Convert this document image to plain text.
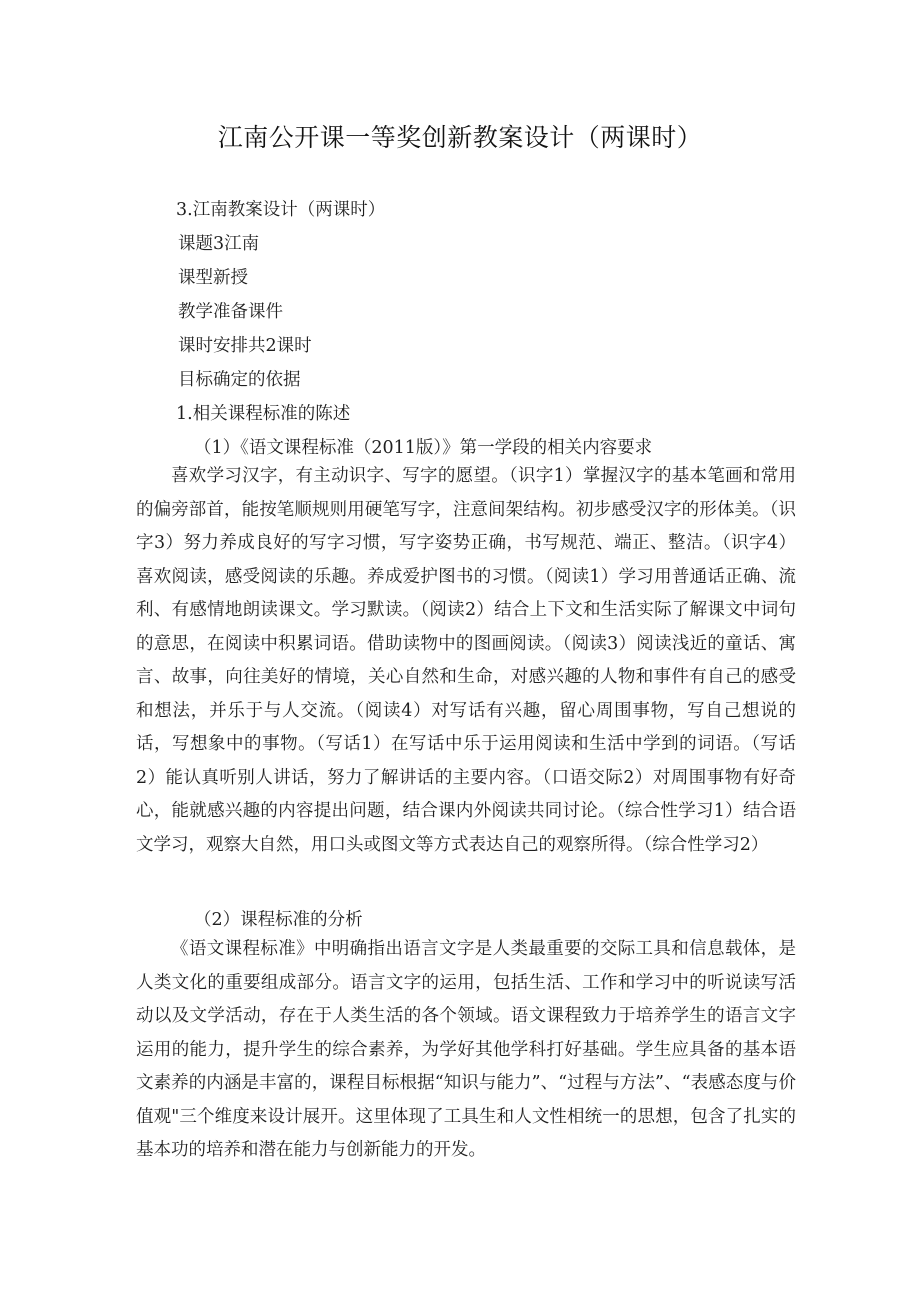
江南公开课一等奖创新教案设计（两课时）
3.江南教案设计（两课时）
课题3江南
课型新授
教学准备课件
课时安排共2课时
目标确定的依据
1.相关课程标准的陈述
（1）《语文课程标准（2011版）》第一学段的相关内容要求

喜欢学习汉字，有主动识字、写字的愿望。（识字1）掌握汉字的基本笔画和常用的偏旁部首，能按笔顺规则用硬笔写字，注意间架结构。初步感受汉字的形体美。（识字3）努力养成良好的写字习惯，写字姿势正确，书写规范、端正、整洁。（识字4）喜欢阅读，感受阅读的乐趣。养成爱护图书的习惯。（阅读1）学习用普通话正确、流利、有感情地朗读课文。学习默读。（阅读2）结合上下文和生活实际了解课文中词句的意思，在阅读中积累词语。借助读物中的图画阅读。（阅读3）阅读浅近的童话、寓言、故事，向往美好的情境，关心自然和生命，对感兴趣的人物和事件有自己的感受和想法，并乐于与人交流。（阅读4）对写话有兴趣，留心周围事物，写自己想说的话，写想象中的事物。（写话1）在写话中乐于运用阅读和生活中学到的词语。（写话2）能认真听别人讲话，努力了解讲话的主要内容。（口语交际2）对周围事物有好奇心，能就感兴趣的内容提出问题，结合课内外阅读共同讨论。（综合性学习1）结合语文学习，观察大自然，用口头或图文等方式表达自己的观察所得。（综合性学习2）

（2）课程标准的分析

《语文课程标准》中明确指出语言文字是人类最重要的交际工具和信息载体，是人类文化的重要组成部分。语言文字的运用，包括生活、工作和学习中的听说读写活动以及文学活动，存在于人类生活的各个领域。语文课程致力于培养学生的语言文字运用的能力，提升学生的综合素养，为学好其他学科打好基础。学生应具备的基本语文素养的内涵是丰富的，课程目标根据“知识与能力”、“过程与方法”、“表感态度与价值观"三个维度来设计展开。这里体现了工具生和人文性相统一的思想，包含了扎实的基本功的培养和潜在能力与创新能力的开发。
